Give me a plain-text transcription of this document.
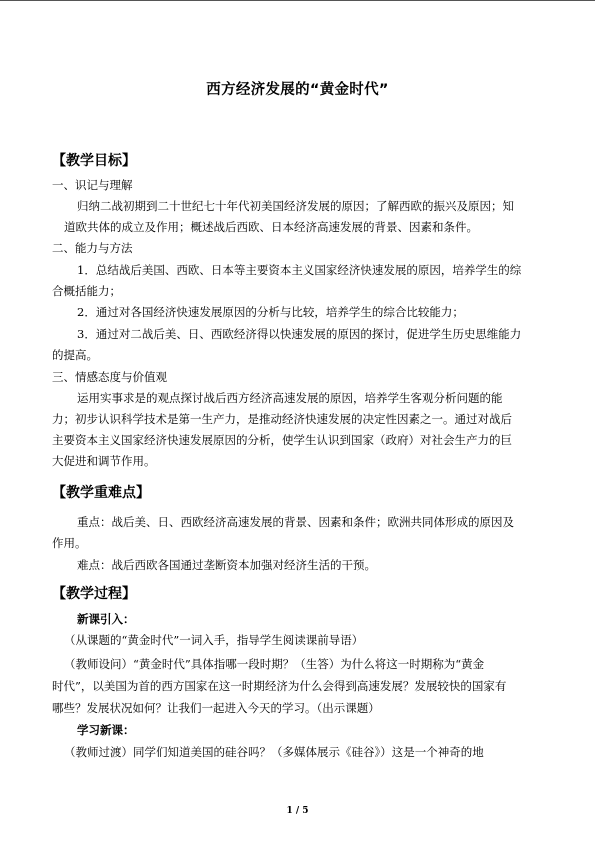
西方经济发展的“黄金时代”
【教学目标】
一、识记与理解
归纳二战初期到二十世纪七十年代初美国经济发展的原因；了解西欧的振兴及原因；知
道欧共体的成立及作用；概述战后西欧、日本经济高速发展的背景、因素和条件。
二、能力与方法
1．总结战后美国、西欧、日本等主要资本主义国家经济快速发展的原因，培养学生的综
合概括能力；
2．通过对各国经济快速发展原因的分析与比较，培养学生的综合比较能力；
3．通过对二战后美、日、西欧经济得以快速发展的原因的探讨，促进学生历史思维能力
的提高。
三、情感态度与价值观
运用实事求是的观点探讨战后西方经济高速发展的原因，培养学生客观分析问题的能
力；初步认识科学技术是第一生产力，是推动经济快速发展的决定性因素之一。通过对战后
主要资本主义国家经济快速发展原因的分析，使学生认识到国家（政府）对社会生产力的巨
大促进和调节作用。
【教学重难点】
重点：战后美、日、西欧经济高速发展的背景、因素和条件；欧洲共同体形成的原因及
作用。
难点：战后西欧各国通过垄断资本加强对经济生活的干预。
【教学过程】
新课引入：
（从课题的“黄金时代”一词入手，指导学生阅读课前导语）
（教师设问）“黄金时代”具体指哪一段时期？（生答）为什么将这一时期称为“黄金
时代”，以美国为首的西方国家在这一时期经济为什么会得到高速发展？发展较快的国家有
哪些？发展状况如何？让我们一起进入今天的学习。（出示课题）
学习新课：
（教师过渡）同学们知道美国的硅谷吗？（多媒体展示《硅谷》）这是一个神奇的地
1 / 5
